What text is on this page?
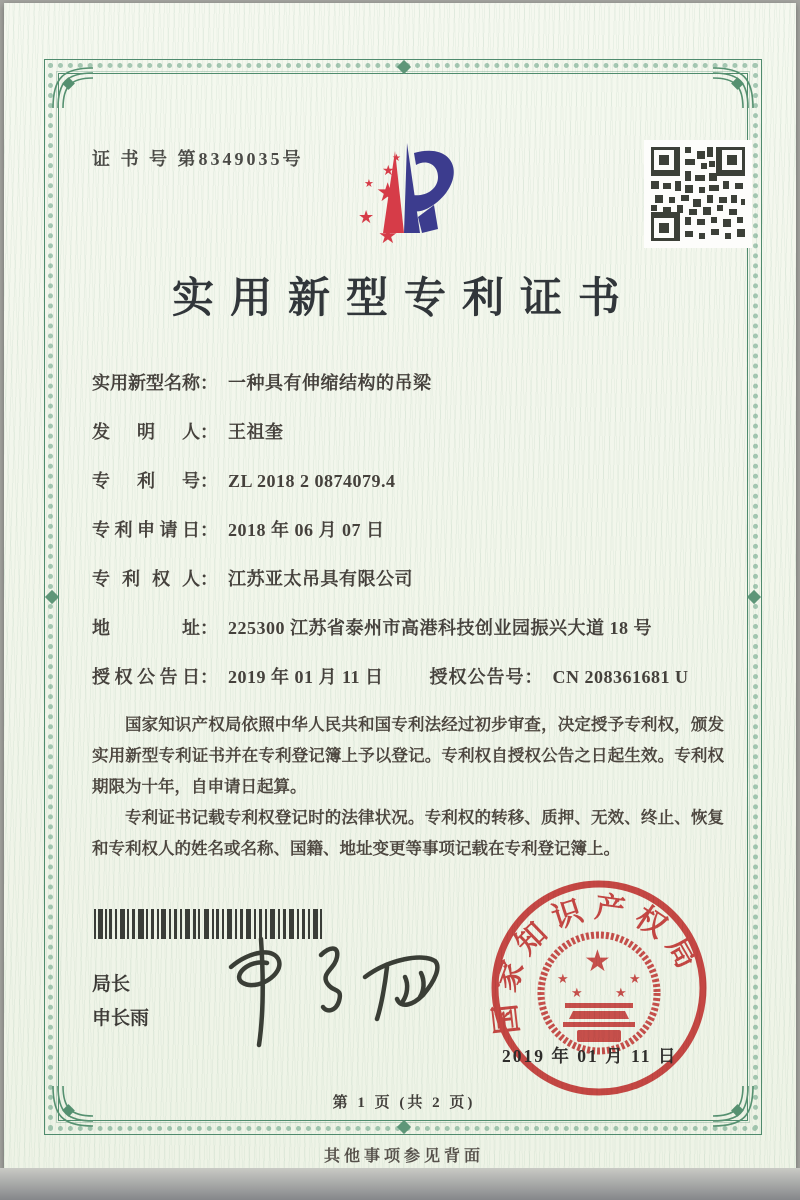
证 书 号 第8349035号
★
★
★
★
★
★
实用新型专利证书
实用新型名称： 一种具有伸缩结构的吊梁
发明人： 王祖奎
专利号： ZL 2018 2 0874079.4
专利申请日： 2018 年 06 月 07 日
专利权人： 江苏亚太吊具有限公司
地址： 225300 江苏省泰州市高港科技创业园振兴大道 18 号
授权公告日： 2019 年 01 月 11 日	授权公告号： CN 208361681 U

国家知识产权局依照中华人民共和国专利法经过初步审查，决定授予专利权，颁发实用新型专利证书并在专利登记簿上予以登记。专利权自授权公告之日起生效。专利权期限为十年，自申请日起算。

专利证书记载专利权登记时的法律状况。专利权的转移、质押、无效、终止、恢复和专利权人的姓名或名称、国籍、地址变更等事项记载在专利登记簿上。

局长
申长雨	国家知识产权局
★
★	★
★ ★
2019 年 01 月 11 日
第 1 页 (共 2 页)
其他事项参见背面
